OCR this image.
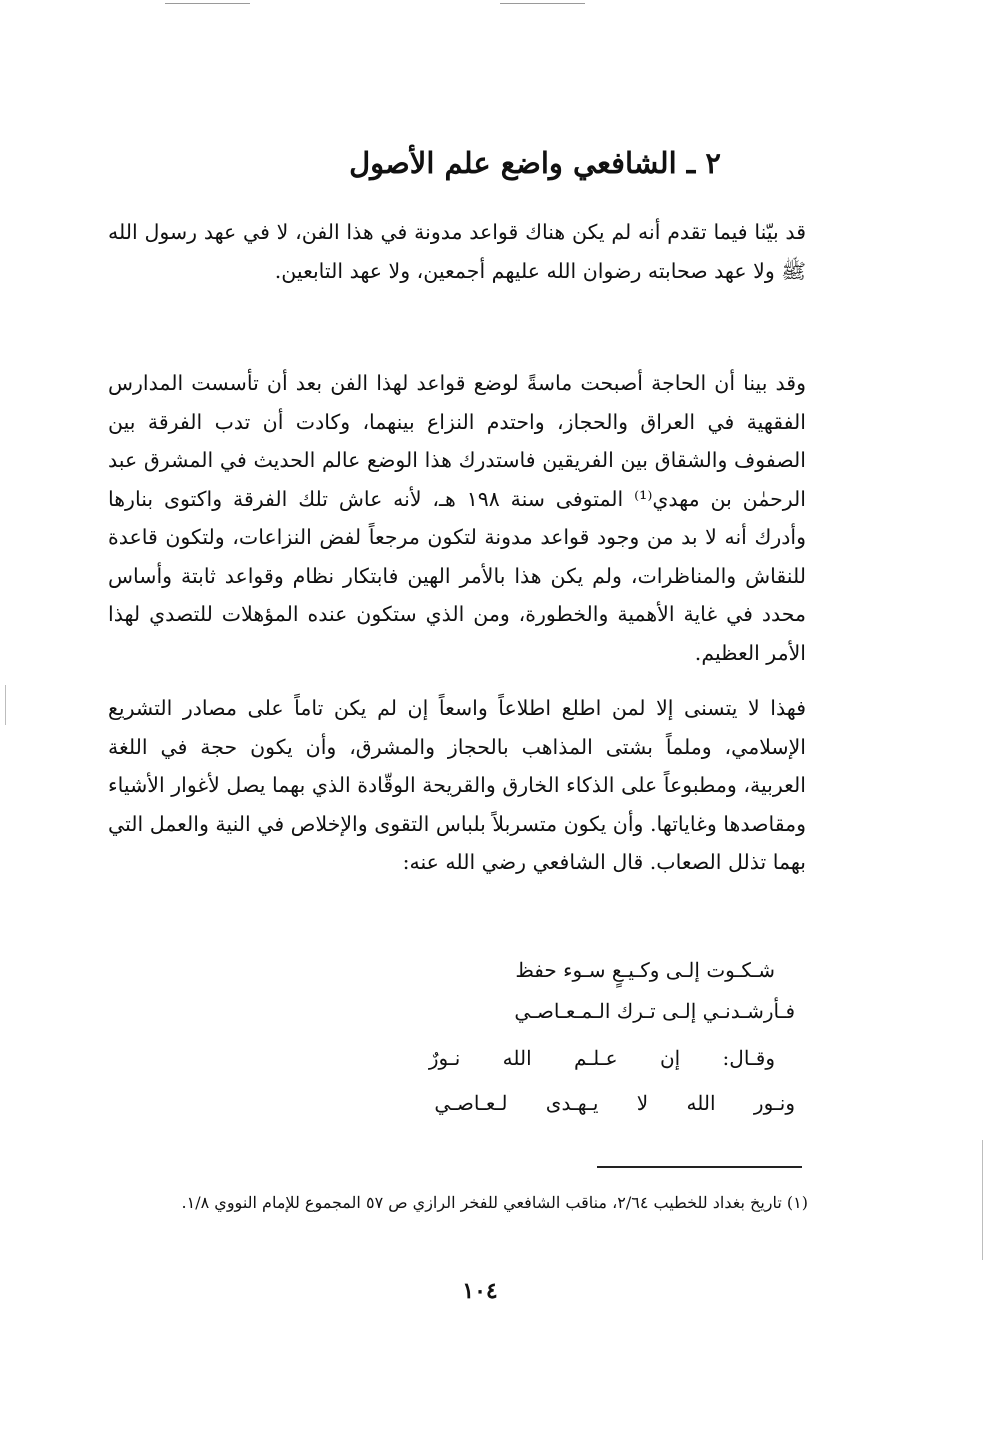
٢ ـ الشافعي واضع علم الأصول

قد بيّنا فيما تقدم أنه لم يكن هناك قواعد مدونة في هذا الفن، لا في عهد رسول الله ﷺ ولا عهد صحابته رضوان الله عليهم أجمعين، ولا عهد التابعين.

وقد بينا أن الحاجة أصبحت ماسةً لوضع قواعد لهذا الفن بعد أن تأسست المدارس الفقهية في العراق والحجاز، واحتدم النزاع بينهما، وكادت أن تدب الفرقة بين الصفوف والشقاق بين الفريقين فاستدرك هذا الوضع عالم الحديث في المشرق عبد الرحمٰن بن مهدي⁽¹⁾ المتوفى سنة ١٩٨ هـ، لأنه عاش تلك الفرقة واكتوى بنارها وأدرك أنه لا بد من وجود قواعد مدونة لتكون مرجعاً لفض النزاعات، ولتكون قاعدة للنقاش والمناظرات، ولم يكن هذا بالأمر الهين فابتكار نظام وقواعد ثابتة وأساس محدد في غاية الأهمية والخطورة، ومن الذي ستكون عنده المؤهلات للتصدي لهذا الأمر العظيم.

فهذا لا يتسنى إلا لمن اطلع اطلاعاً واسعاً إن لم يكن تاماً على مصادر التشريع الإسلامي، وملماً بشتى المذاهب بالحجاز والمشرق، وأن يكون حجة في اللغة العربية، ومطبوعاً على الذكاء الخارق والقريحة الوقّادة الذي بهما يصل لأغوار الأشياء ومقاصدها وغاياتها. وأن يكون متسربلاً بلباس التقوى والإخلاص في النية والعمل التي بهما تذلل الصعاب. قال الشافعي رضي الله عنه:

شـكـوت إلـى وكـيـعٍ سـوء حفظ
فـأرشـدنـي إلـى تـرك الـمـعـاصـي
وقـال: إن عـلـم الله نـورٌ
ونـور الله لا يـهـدى لـعـاصـي

(١) تاريخ بغداد للخطيب ٢/٦٤، مناقب الشافعي للفخر الرازي ص ٥٧ المجموع للإمام النووي ١/٨.

١٠٤
